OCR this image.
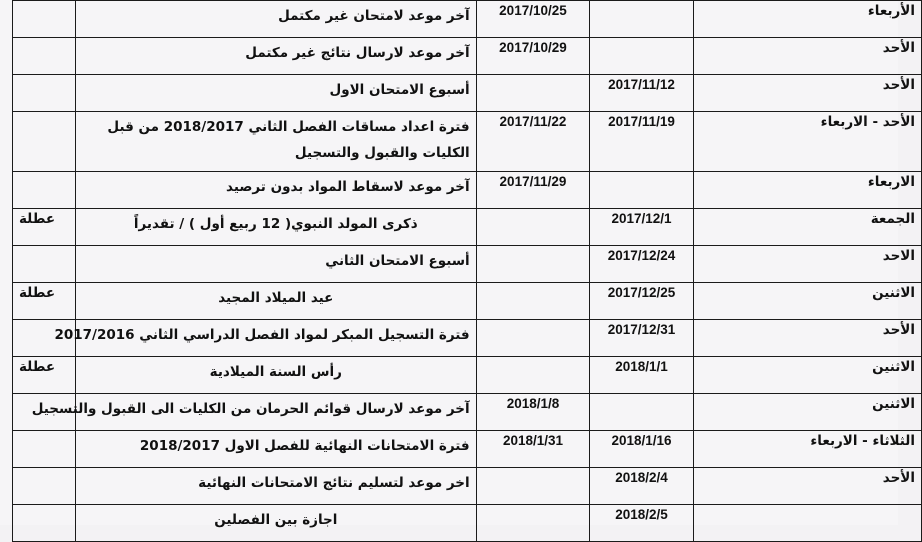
الأربعاء		2017/10/25	آخر موعد لامتحان غير مكتمل	
الأحد		2017/10/29	آخر موعد لارسال نتائج غير مكتمل	
الأحد	2017/11/12		أسبوع الامتحان الاول	
الأحد - الاربعاء	2017/11/19	2017/11/22	فترة اعداد مساقات الفصل الثاني 2018/2017 من قبل الكليات والقبول والتسجيل	

الاربعاء		2017/11/29	آخر موعد لاسقاط المواد بدون ترصيد	
الجمعة	2017/12/1		ذكرى المولد النبوي( 12 ربيع أول ) / تقديراً	عطلة
الاحد	2017/12/24		أسبوع الامتحان الثاني	
الاثنين	2017/12/25		عيد الميلاد المجيد	عطلة
الأحد	2017/12/31		فترة التسجيل المبكر لمواد الفصل الدراسي الثاني 2017/2016	
الاثنين	2018/1/1		رأس السنة الميلادية	عطلة
الاثنين		2018/1/8	آخر موعد لارسال قوائم الحرمان من الكليات الى القبول والتسجيل	
الثلاثاء - الاربعاء	2018/1/16	2018/1/31	فترة الامتحانات النهائية للفصل الاول 2018/2017	
الأحد	2018/2/4		اخر موعد لتسليم نتائج الامتحانات النهائية	
	2018/2/5		اجازة بين الفصلين	
